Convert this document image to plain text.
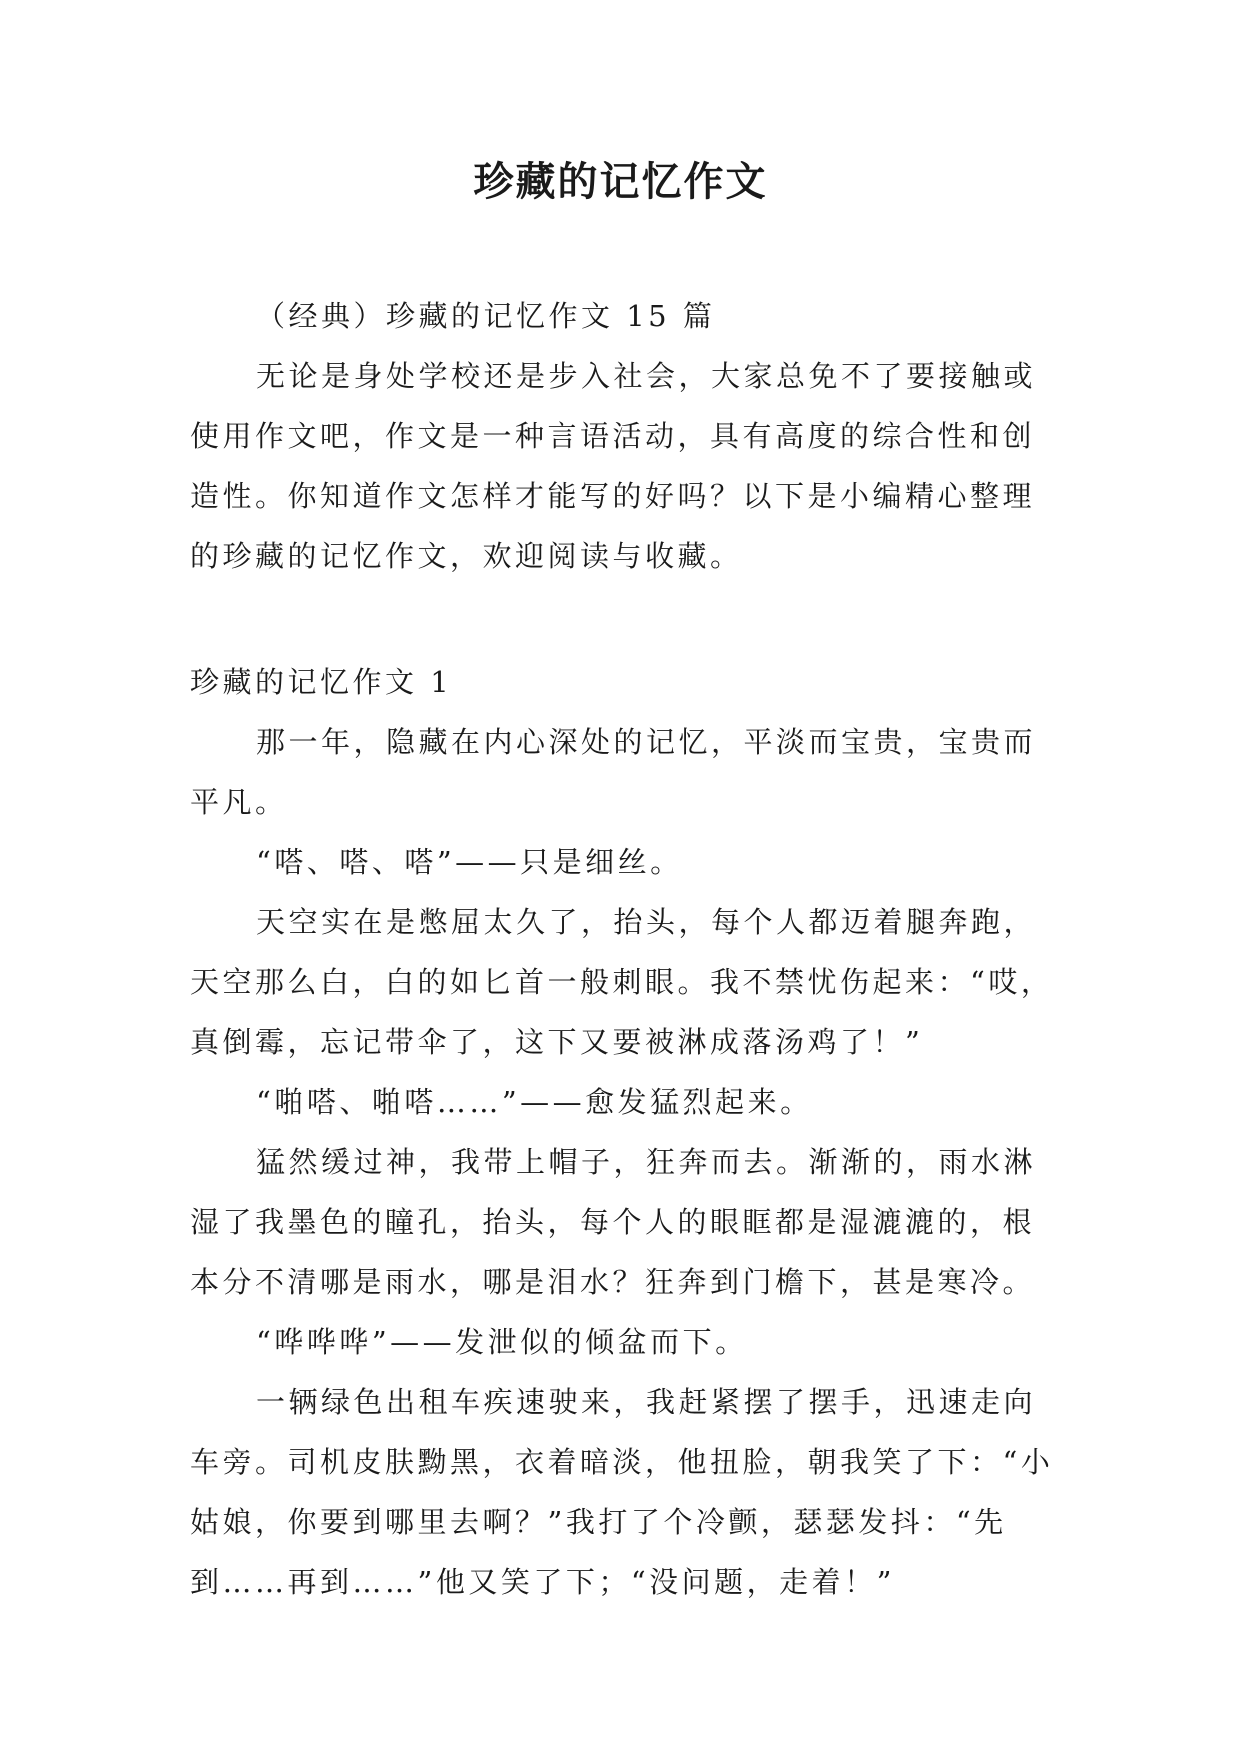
珍藏的记忆作文

（经典）珍藏的记忆作文 15 篇

无论是身处学校还是步入社会，大家总免不了要接触或
使用作文吧，作文是一种言语活动，具有高度的综合性和创
造性。你知道作文怎样才能写的好吗？以下是小编精心整理
的珍藏的记忆作文，欢迎阅读与收藏。

珍藏的记忆作文 1

那一年，隐藏在内心深处的记忆，平淡而宝贵，宝贵而
平凡。
“嗒、嗒、嗒”——只是细丝。
天空实在是憋屈太久了，抬头，每个人都迈着腿奔跑，
天空那么白，白的如匕首一般刺眼。我不禁忧伤起来：“哎，
真倒霉，忘记带伞了，这下又要被淋成落汤鸡了！”
“啪嗒、啪嗒……”——愈发猛烈起来。
猛然缓过神，我带上帽子，狂奔而去。渐渐的，雨水淋
湿了我墨色的瞳孔，抬头，每个人的眼眶都是湿漉漉的，根
本分不清哪是雨水，哪是泪水？狂奔到门檐下，甚是寒冷。
“哗哗哗”——发泄似的倾盆而下。
一辆绿色出租车疾速驶来，我赶紧摆了摆手，迅速走向
车旁。司机皮肤黝黑，衣着暗淡，他扭脸，朝我笑了下：“小
姑娘，你要到哪里去啊？”我打了个冷颤，瑟瑟发抖：“先
到……再到……”他又笑了下；“没问题，走着！”
